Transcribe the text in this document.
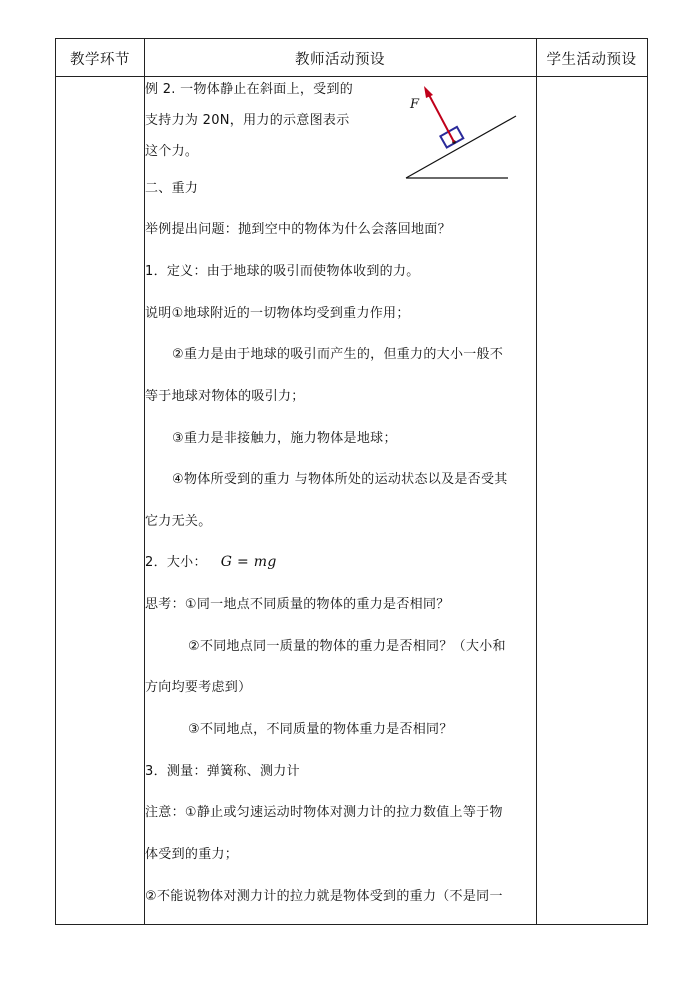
教学环节	教师活动预设	学生活动预设
例 2. 一物体静止在斜面上，受到的
支持力为 20N，用力的示意图表示
这个力。
F
二、重力
举例提出问题：抛到空中的物体为什么会落回地面？
1．定义：由于地球的吸引而使物体收到的力。
说明①地球附近的一切物体均受到重力作用；
②重力是由于地球的吸引而产生的，但重力的大小一般不
等于地球对物体的吸引力；
③重力是非接触力，施力物体是地球；
④物体所受到的重力 与物体所处的运动状态以及是否受其
它力无关。
2．大小： G = mg
思考：①同一地点不同质量的物体的重力是否相同？
②不同地点同一质量的物体的重力是否相同？（大小和
方向均要考虑到）
③不同地点，不同质量的物体重力是否相同？
3．测量：弹簧称、测力计
注意：①静止或匀速运动时物体对测力计的拉力数值上等于物
体受到的重力；
②不能说物体对测力计的拉力就是物体受到的重力（不是同一
